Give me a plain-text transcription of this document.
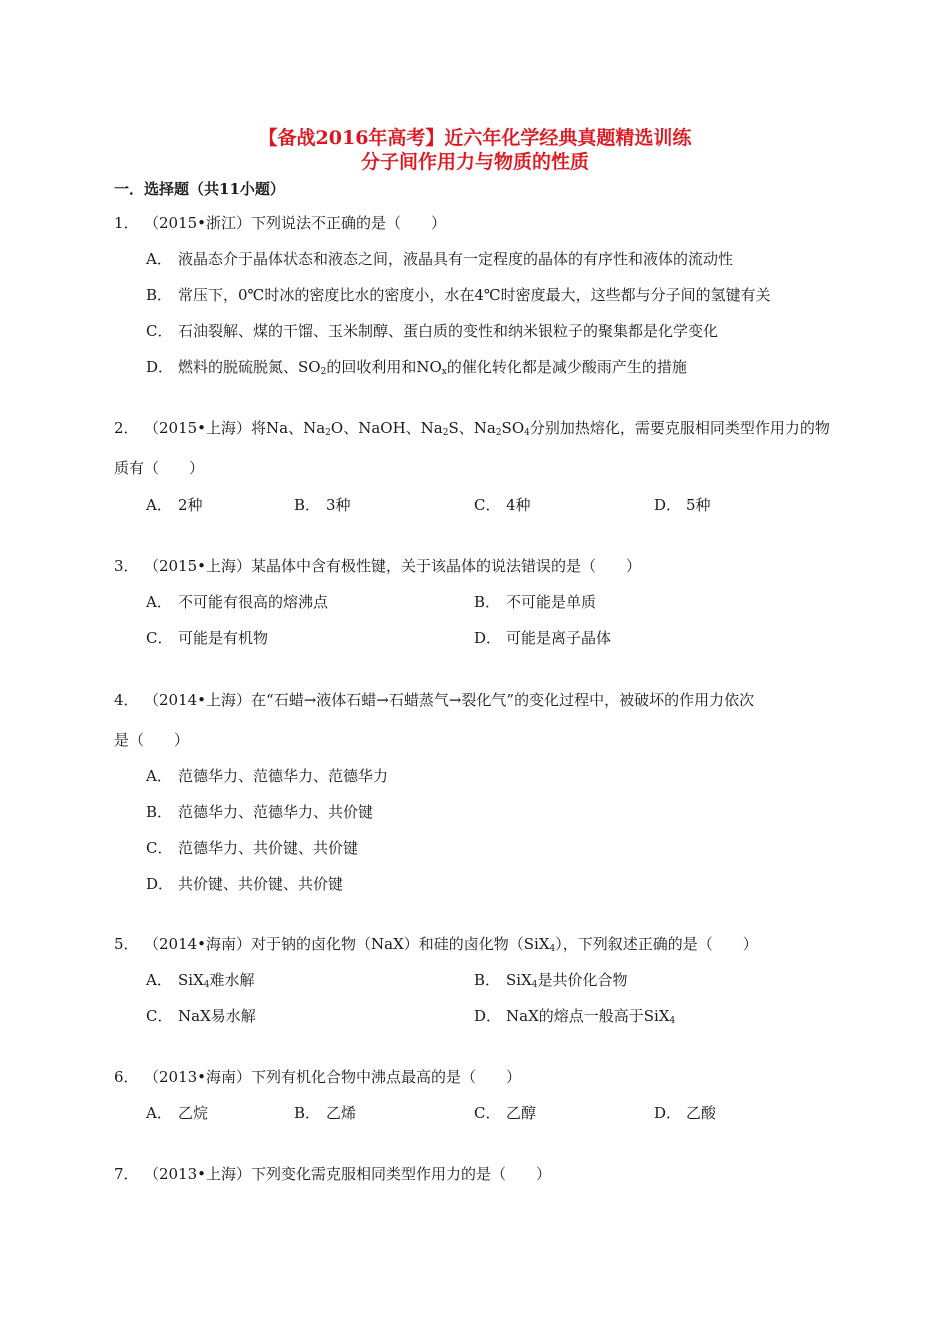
【备战2016年高考】近六年化学经典真题精选训练
分子间作用力与物质的性质
一．选择题（共11小题）
1． （2015•浙江）下列说法不正确的是（　　）
A． 液晶态介于晶体状态和液态之间，液晶具有一定程度的晶体的有序性和液体的流动性
B． 常压下，0℃时冰的密度比水的密度小，水在4℃时密度最大，这些都与分子间的氢键有关
C． 石油裂解、煤的干馏、玉米制醇、蛋白质的变性和纳米银粒子的聚集都是化学变化
D． 燃料的脱硫脱氮、$SO_2$的回收利用和$NO_x$的催化转化都是减少酸雨产生的措施
2． （2015•上海）将Na、$Na_2O$、NaOH、$Na_2S$、$Na_2SO_4$分别加热熔化，需要克服相同类型作用力的物
质有（　　）
A． 2种	B． 3种	C． 4种	D． 5种
3． （2015•上海）某晶体中含有极性键，关于该晶体的说法错误的是（　　）
A． 不可能有很高的熔沸点	B． 不可能是单质
C． 可能是有机物	D． 可能是离子晶体
4． （2014•上海）在“石蜡→液体石蜡→石蜡蒸气→裂化气”的变化过程中，被破坏的作用力依次
是（　　）
A． 范德华力、范德华力、范德华力
B． 范德华力、范德华力、共价键
C． 范德华力、共价键、共价键
D． 共价键、共价键、共价键
5． （2014•海南）对于钠的卤化物（NaX）和硅的卤化物（SiX$_4$），下列叙述正确的是（　　）
A． SiX$_4$难水解	B． SiX$_4$是共价化合物
C． NaX易水解	D． NaX的熔点一般高于SiX$_4$
6． （2013•海南）下列有机化合物中沸点最高的是（　　）
A． 乙烷	B． 乙烯	C． 乙醇	D． 乙酸
7． （2013•上海）下列变化需克服相同类型作用力的是（　　）
